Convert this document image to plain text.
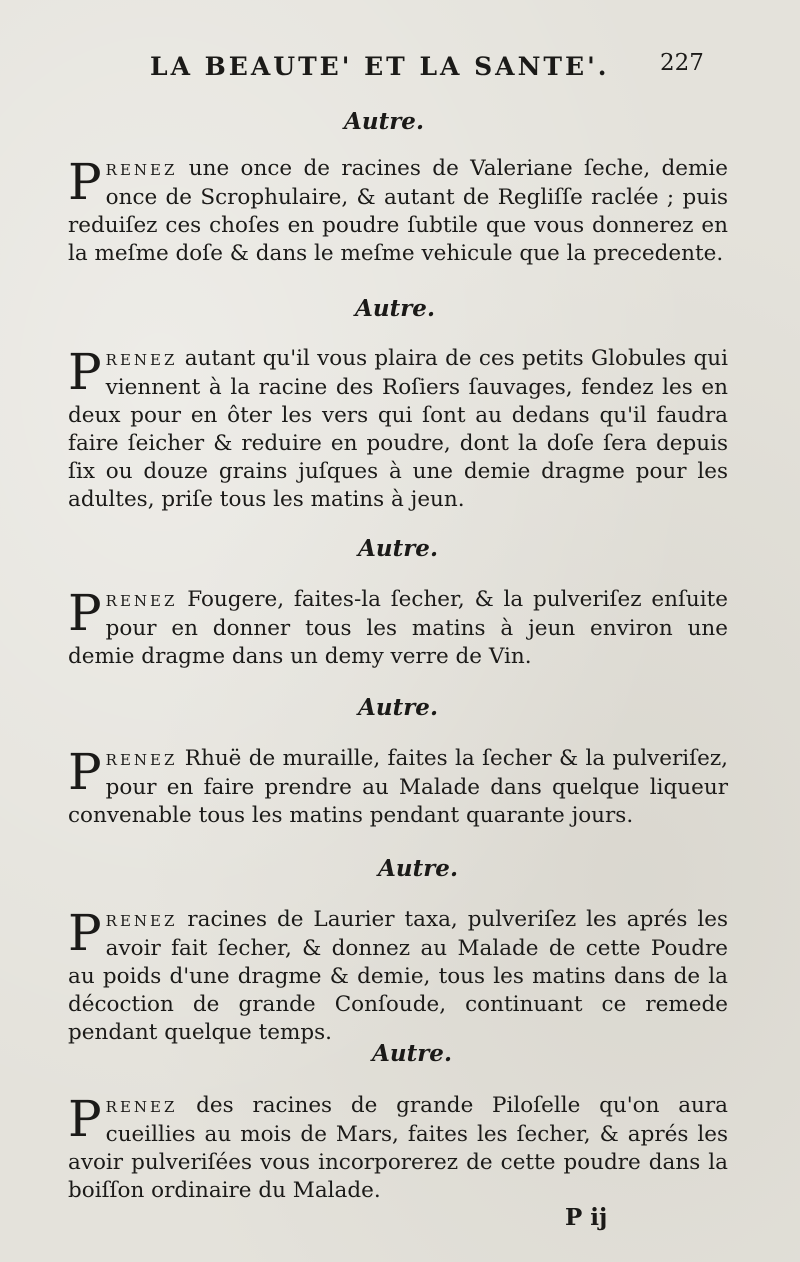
LA BEAUTE' ET LA SANTE'. 227
Autre.
PRENEZ une once de racines de Valeriane ſeche, demie once de Scrophulaire, & autant de Regliſſe raclée ; puis reduiſez ces choſes en poudre ſubtile que vous donnerez en la meſme doſe & dans le meſme vehicule que la precedente.
Autre.
PRENEZ autant qu'il vous plaira de ces petits Globules qui viennent à la racine des Roſiers ſauvages, fendez les en deux pour en ôter les vers qui ſont au dedans qu'il faudra faire ſeicher & reduire en poudre, dont la doſe ſera depuis ſix ou douze grains juſques à une demie dragme pour les adultes, priſe tous les matins à jeun.
Autre.
PRENEZ Fougere, faites-la ſecher, & la pulveriſez enſuite pour en donner tous les matins à jeun environ une demie dragme dans un demy verre de Vin.
Autre.
PRENEZ Rhuë de muraille, faites la ſecher & la pulveriſez, pour en faire prendre au Malade dans quelque liqueur convenable tous les matins pendant quarante jours.
Autre.
PRENEZ racines de Laurier taxa, pulveriſez les aprés les avoir fait ſecher, & donnez au Malade de cette Poudre au poids d'une dragme & demie, tous les matins dans de la décoction de grande Conſoude, continuant ce remede pendant quelque temps.
Autre.
PRENEZ des racines de grande Piloſelle qu'on aura cueillies au mois de Mars, faites les ſecher, & aprés les avoir pulveriſées vous incorporerez de cette poudre dans la boiſſon ordinaire du Malade.
P ij
